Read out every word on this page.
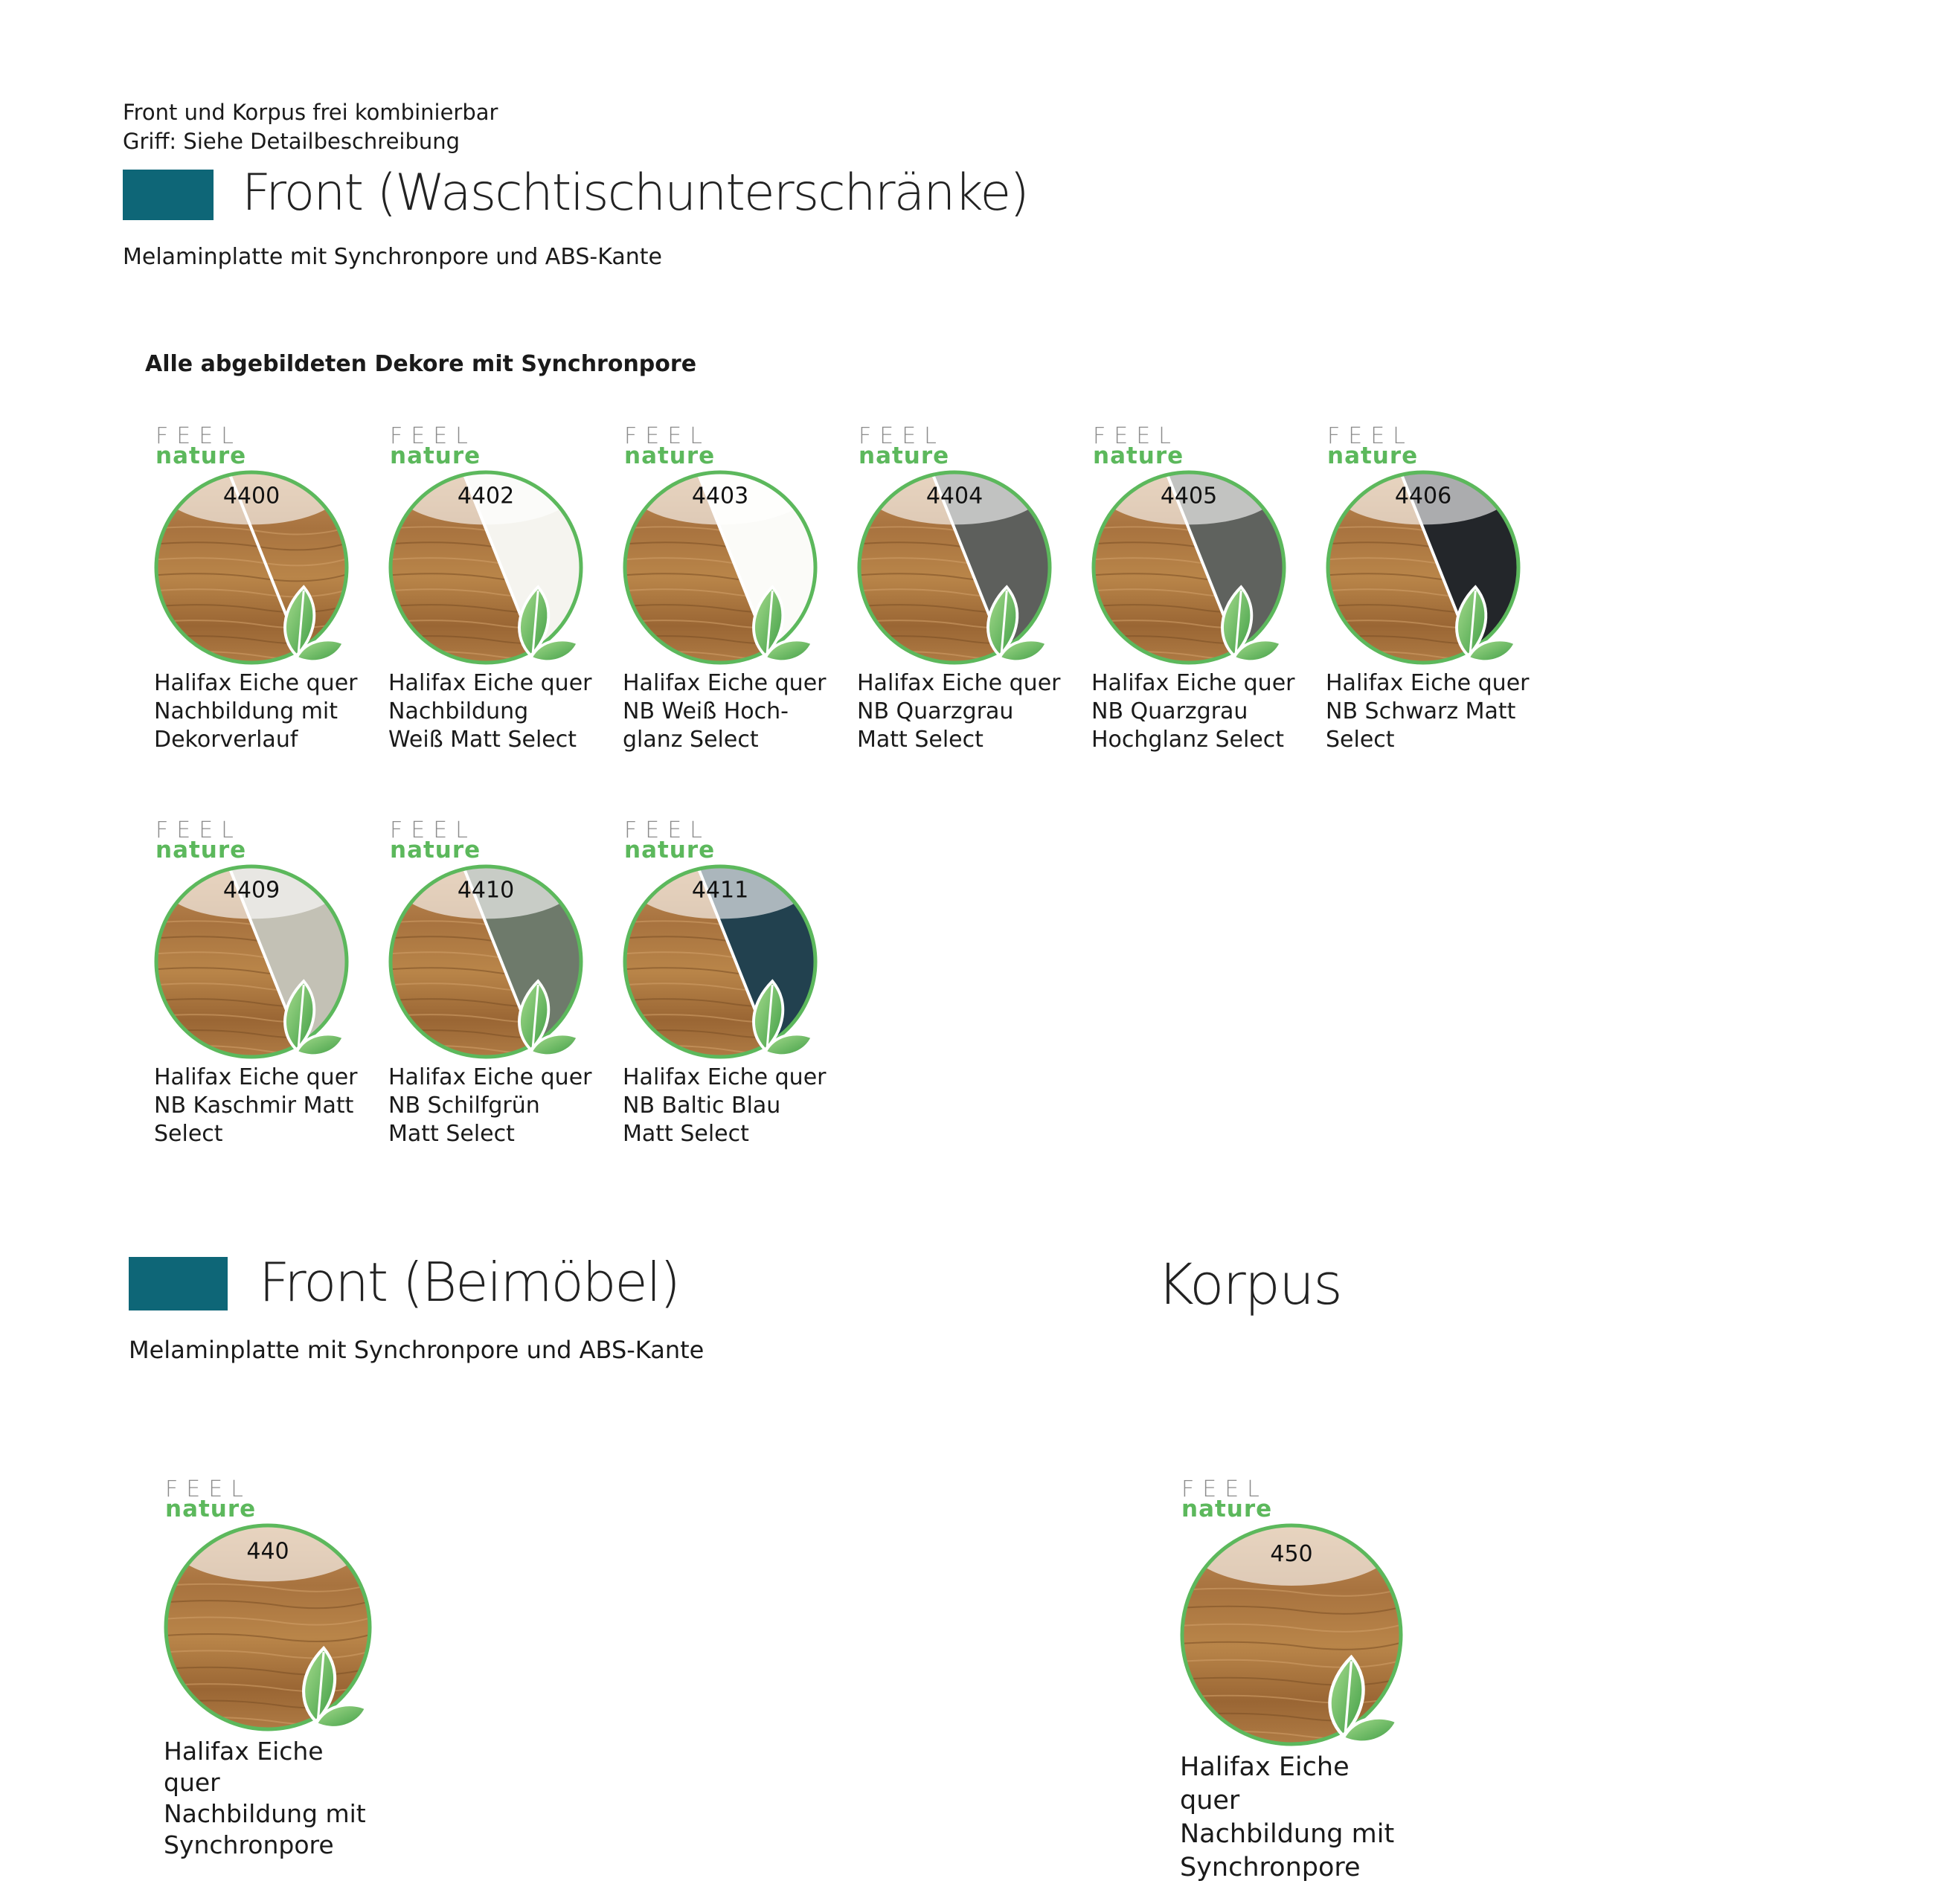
Front und Korpus frei kombinierbar
Griff: Siehe Detailbeschreibung
Front (Waschtischunterschränke)
Melaminplatte mit Synchronpore und ABS-Kante
Alle abgebildeten Dekore mit Synchronpore
FEEL
nature
4400
Halifax Eiche quer
Nachbildung mit
Dekorverlauf
FEEL
nature
4402
Halifax Eiche quer
Nachbildung
Weiß Matt Select
FEEL
nature
4403
Halifax Eiche quer
NB Weiß Hoch-
glanz Select
FEEL
nature
4404
Halifax Eiche quer
NB Quarzgrau
Matt Select
FEEL
nature
4405
Halifax Eiche quer
NB Quarzgrau
Hochglanz Select
FEEL
nature
4406
Halifax Eiche quer
NB Schwarz Matt
Select
FEEL
nature
4409
Halifax Eiche quer
NB Kaschmir Matt
Select
FEEL
nature
4410
Halifax Eiche quer
NB Schilfgrün
Matt Select
FEEL
nature
4411
Halifax Eiche quer
NB Baltic Blau
Matt Select
FEEL
nature
440
Halifax Eiche quer
Nachbildung mit
Synchronpore
FEEL
nature
450
Halifax Eiche quer
Nachbildung mit
Synchronpore
Front (Beimöbel)
Melaminplatte mit Synchronpore und ABS-Kante
Korpus
